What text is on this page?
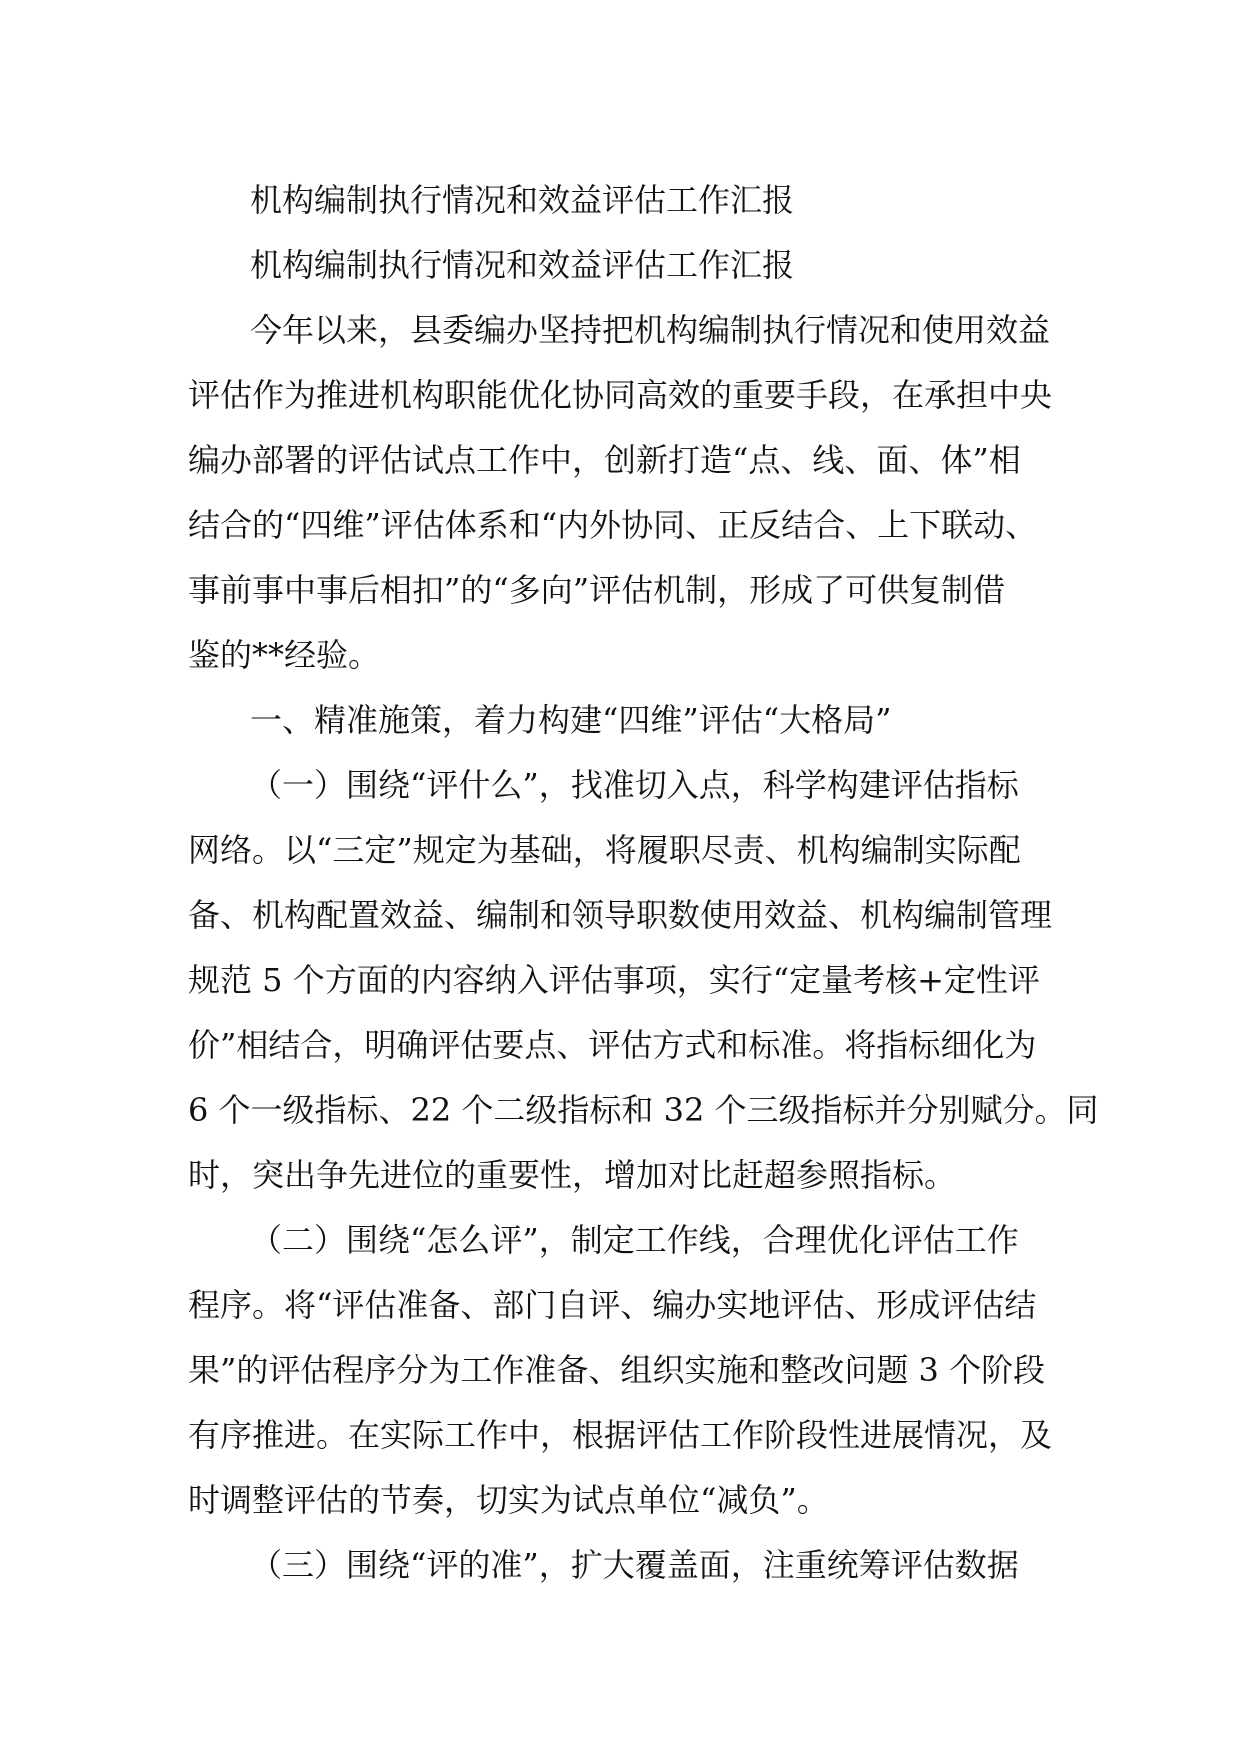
机构编制执行情况和效益评估工作汇报

机构编制执行情况和效益评估工作汇报

今年以来，县委编办坚持把机构编制执行情况和使用效益

评估作为推进机构职能优化协同高效的重要手段，在承担中央

编办部署的评估试点工作中，创新打造“点、线、面、体”相

结合的“四维”评估体系和“内外协同、正反结合、上下联动、

事前事中事后相扣”的“多向”评估机制，形成了可供复制借

鉴的**经验。

一、精准施策，着力构建“四维”评估“大格局”

（一）围绕“评什么”，找准切入点，科学构建评估指标

网络。以“三定”规定为基础，将履职尽责、机构编制实际配

备、机构配置效益、编制和领导职数使用效益、机构编制管理

规范 5 个方面的内容纳入评估事项，实行“定量考核+定性评

价”相结合，明确评估要点、评估方式和标准。将指标细化为

6 个一级指标、22 个二级指标和 32 个三级指标并分别赋分。同

时，突出争先进位的重要性，增加对比赶超参照指标。

（二）围绕“怎么评”，制定工作线，合理优化评估工作

程序。将“评估准备、部门自评、编办实地评估、形成评估结

果”的评估程序分为工作准备、组织实施和整改问题 3 个阶段

有序推进。在实际工作中，根据评估工作阶段性进展情况，及

时调整评估的节奏，切实为试点单位“减负”。

（三）围绕“评的准”，扩大覆盖面，注重统筹评估数据
